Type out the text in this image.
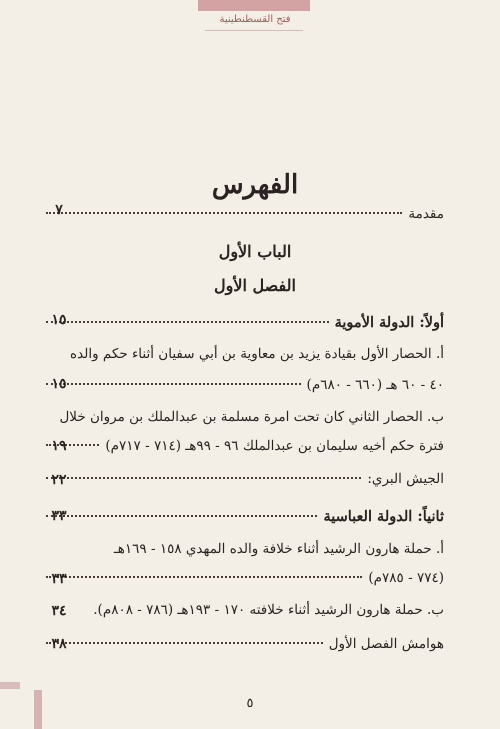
فتح القسطنطينية
الفهرس
مقدمة
٧
الباب الأول
الفصل الأول
أولاً: الدولة الأموية
١٥
أ. الحصار الأول بقيادة يزيد بن معاوية بن أبي سفيان أثناء حكم والده
٤٠ - ٦٠ هـ (٦٦٠ - ٦٨٠م)
١٥
ب. الحصار الثاني كان تحت امرة مسلمة بن عبدالملك بن مروان خلال
فترة حكم أخيه سليمان بن عبدالملك ٩٦ - ٩٩هـ (٧١٤ - ٧١٧م)
١٩
الجيش البري:
٢٢
ثانياً: الدولة العباسية
٣٣
أ. حملة هارون الرشيد أثناء خلافة والده المهدي ١٥٨ - ١٦٩هـ
(٧٧٤ - ٧٨٥م)
٣٣
ب. حملة هارون الرشيد أثناء خلافته ١٧٠ - ١٩٣هـ (٧٨٦ - ٨٠٨م).
٣٤
هوامش الفصل الأول
٣٨
٥
